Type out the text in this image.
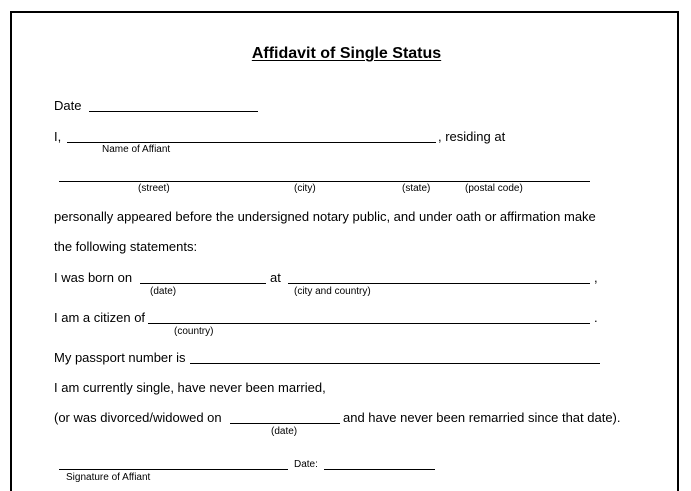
Affidavit of Single Status
Date
I,	, residing at
Name of Affiant
(street)	(city)	(state)	(postal code)
personally appeared before the undersigned notary public, and under oath or affirmation make
the following statements:
I was born on	at	,
(date)	(city and country)
I am a citizen of	.
(country)
My passport number is
I am currently single, have never been married,
(or was divorced/widowed on	and have never been remarried since that date).
(date)
Date:
Signature of Affiant
